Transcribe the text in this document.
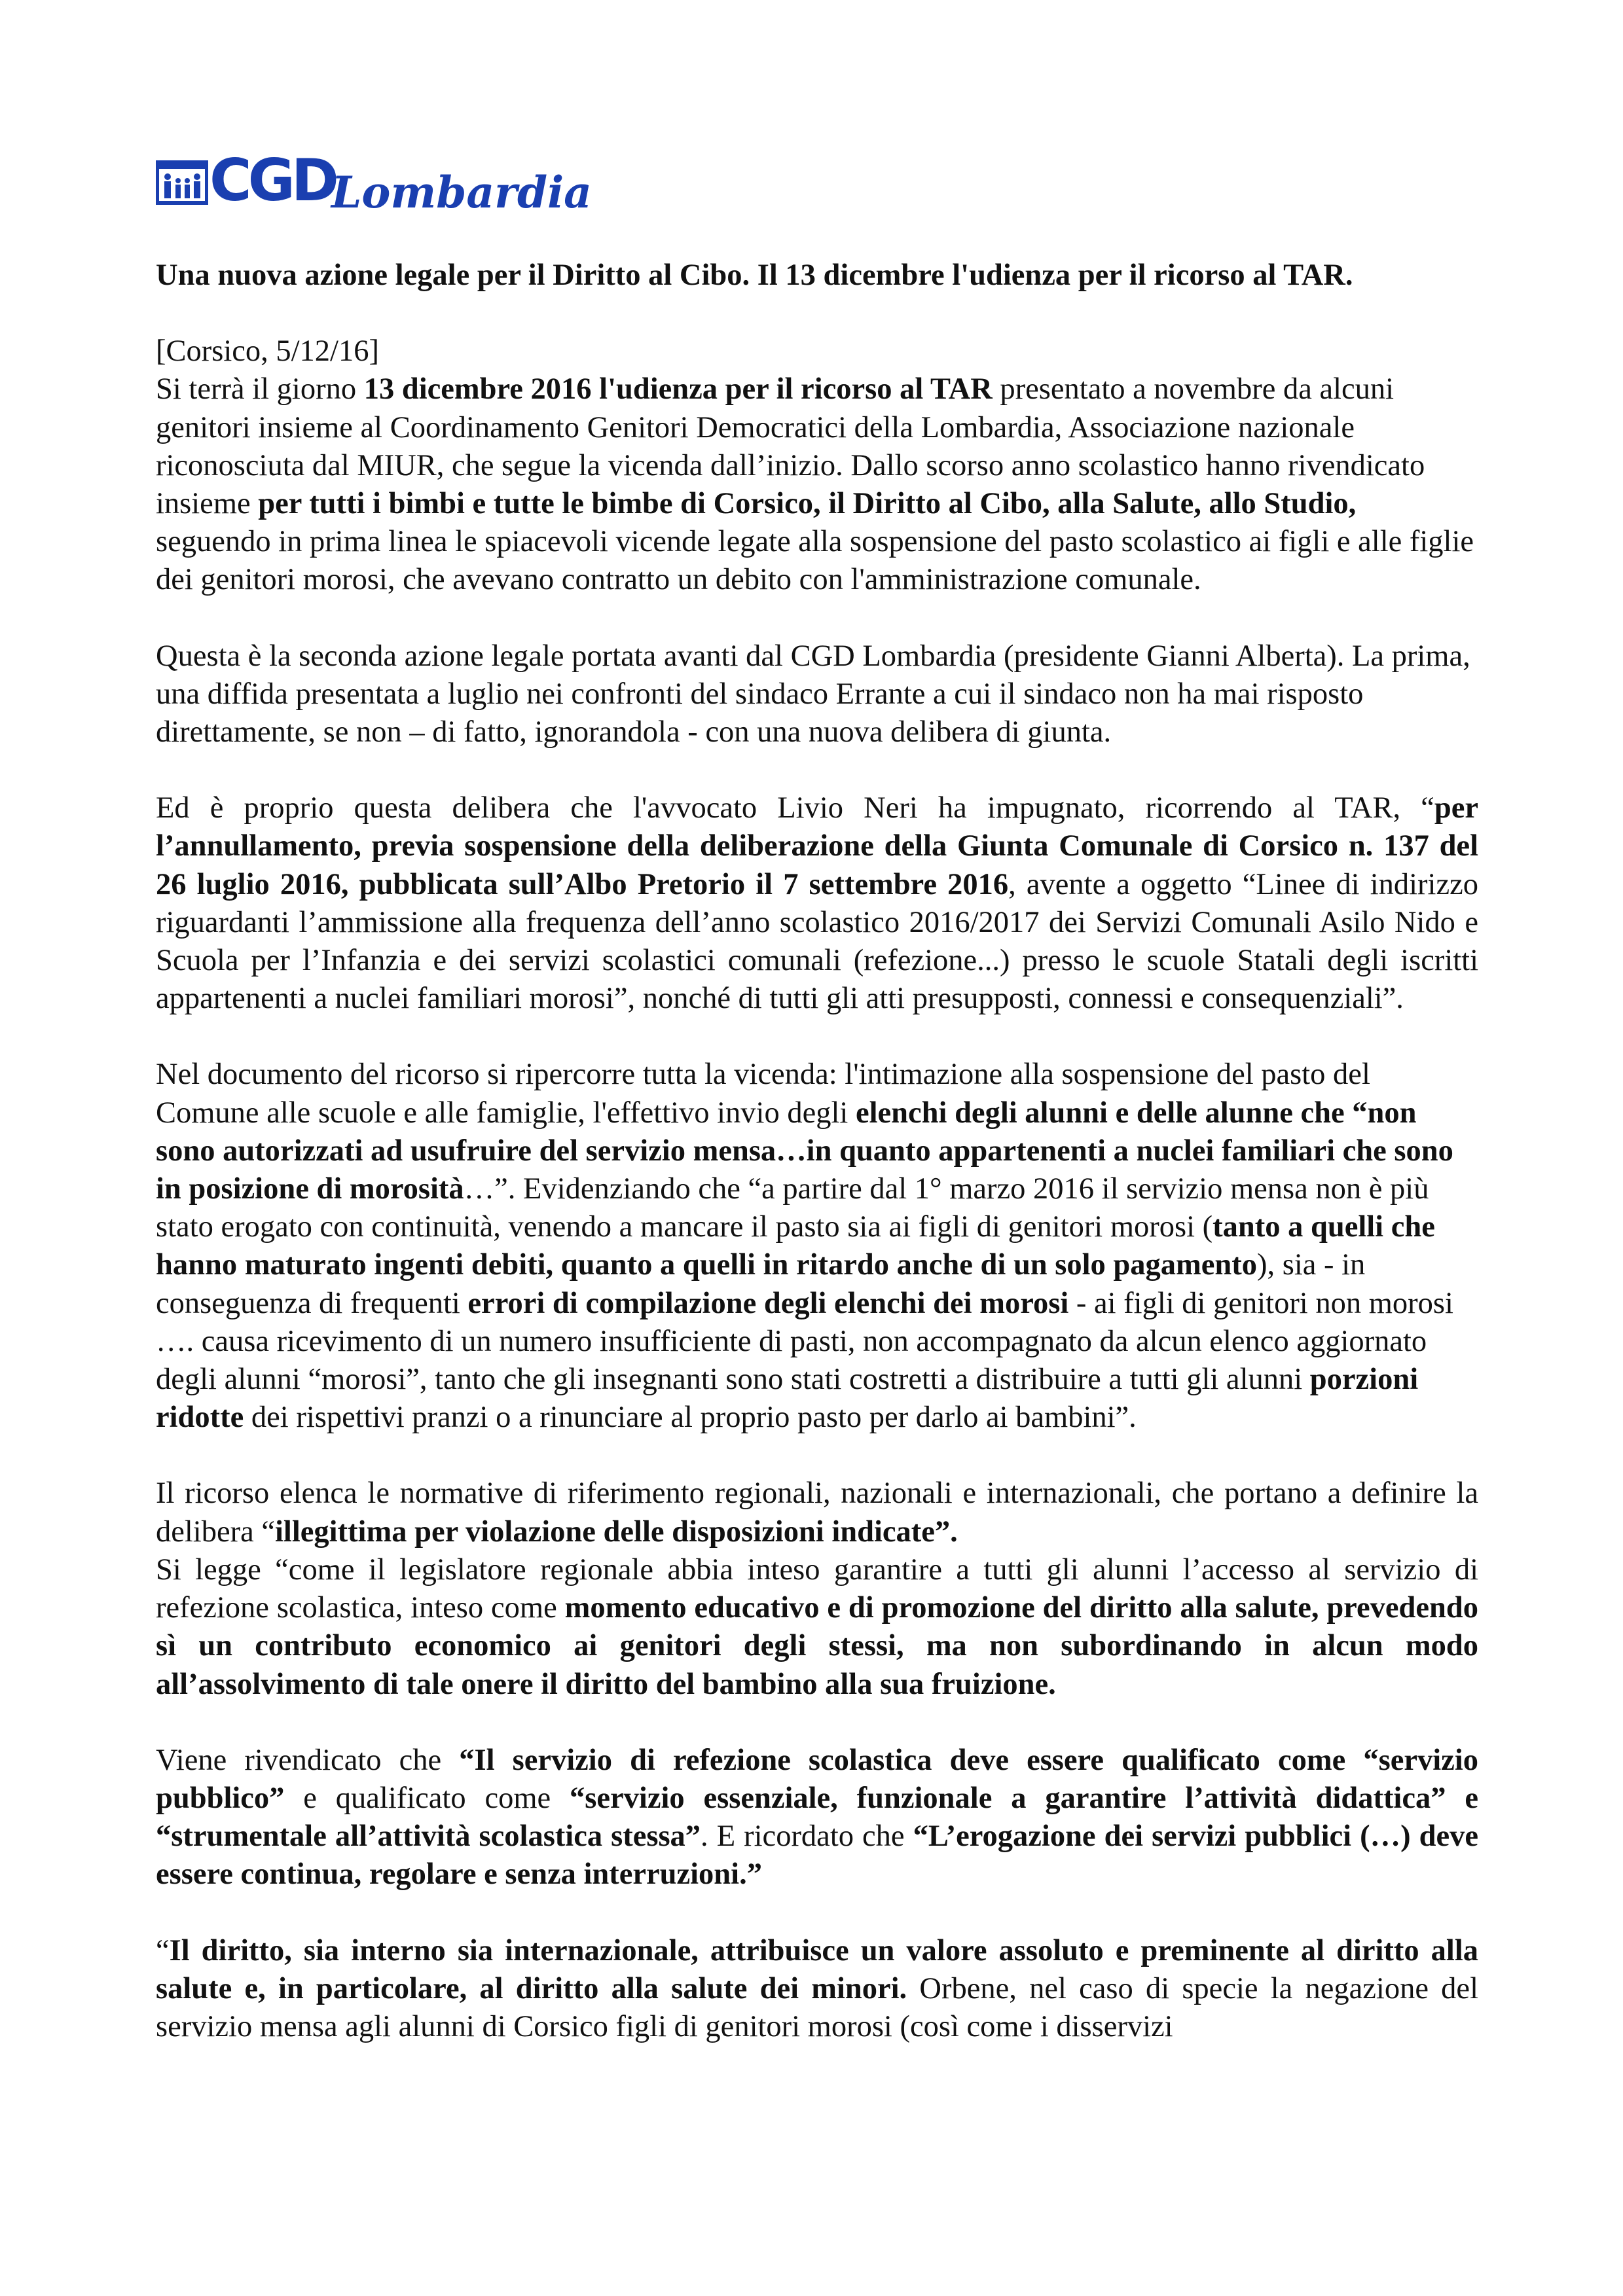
CGD
Lombardia
Una nuova azione legale per il Diritto al Cibo. Il 13 dicembre l'udienza per il ricorso al TAR.

[Corsico, 5/12/16]
Si terrà il giorno 13 dicembre 2016 l'udienza per il ricorso al TAR presentato a novembre da alcuni genitori insieme al Coordinamento Genitori Democratici della Lombardia, Associazione nazionale riconosciuta dal MIUR, che segue la vicenda dall’inizio. Dallo scorso anno scolastico hanno rivendicato insieme per tutti i bimbi e tutte le bimbe di Corsico, il Diritto al Cibo, alla Salute, allo Studio, seguendo in prima linea le spiacevoli vicende legate alla sospensione del pasto scolastico ai figli e alle figlie dei genitori morosi, che avevano contratto un debito con l'amministrazione comunale.

Questa è la seconda azione legale portata avanti dal CGD Lombardia (presidente Gianni Alberta). La prima, una diffida presentata a luglio nei confronti del sindaco Errante a cui il sindaco non ha mai risposto direttamente, se non – di fatto, ignorandola - con una nuova delibera di giunta.

Ed è proprio questa delibera che l'avvocato Livio Neri ha impugnato, ricorrendo al TAR, “per l’annullamento, previa sospensione della deliberazione della Giunta Comunale di Corsico n. 137 del 26 luglio 2016, pubblicata sull’Albo Pretorio il 7 settembre 2016, avente a oggetto “Linee di indirizzo riguardanti l’ammissione alla frequenza dell’anno scolastico 2016/2017 dei Servizi Comunali Asilo Nido e Scuola per l’Infanzia e dei servizi scolastici comunali (refezione...) presso le scuole Statali degli iscritti appartenenti a nuclei familiari morosi”, nonché di tutti gli atti presupposti, connessi e consequenziali”.

Nel documento del ricorso si ripercorre tutta la vicenda: l'intimazione alla sospensione del pasto del Comune alle scuole e alle famiglie, l'effettivo invio degli elenchi degli alunni e delle alunne che “non sono autorizzati ad usufruire del servizio mensa…in quanto appartenenti a nuclei familiari che sono in posizione di morosità…”. Evidenziando che “a partire dal 1° marzo 2016 il servizio mensa non è più stato erogato con continuità, venendo a mancare il pasto sia ai figli di genitori morosi (tanto a quelli che hanno maturato ingenti debiti, quanto a quelli in ritardo anche di un solo pagamento), sia - in conseguenza di frequenti errori di compilazione degli elenchi dei morosi - ai figli di genitori non morosi …. causa ricevimento di un numero insufficiente di pasti, non accompagnato da alcun elenco aggiornato degli alunni “morosi”, tanto che gli insegnanti sono stati costretti a distribuire a tutti gli alunni porzioni ridotte dei rispettivi pranzi o a rinunciare al proprio pasto per darlo ai bambini”.

Il ricorso elenca le normative di riferimento regionali, nazionali e internazionali, che portano a definire la delibera “illegittima per violazione delle disposizioni indicate”.
Si legge “come il legislatore regionale abbia inteso garantire a tutti gli alunni l’accesso al servizio di refezione scolastica, inteso come momento educativo e di promozione del diritto alla salute, prevedendo sì un contributo economico ai genitori degli stessi, ma non subordinando in alcun modo all’assolvimento di tale onere il diritto del bambino alla sua fruizione.

Viene rivendicato che “Il servizio di refezione scolastica deve essere qualificato come “servizio pubblico” e qualificato come “servizio essenziale, funzionale a garantire l’attività didattica” e “strumentale all’attività scolastica stessa”. E ricordato che “L’erogazione dei servizi pubblici (…) deve essere continua, regolare e senza interruzioni.”

“Il diritto, sia interno sia internazionale, attribuisce un valore assoluto e preminente al diritto alla salute e, in particolare, al diritto alla salute dei minori. Orbene, nel caso di specie la negazione del servizio mensa agli alunni di Corsico figli di genitori morosi (così come i disservizi
